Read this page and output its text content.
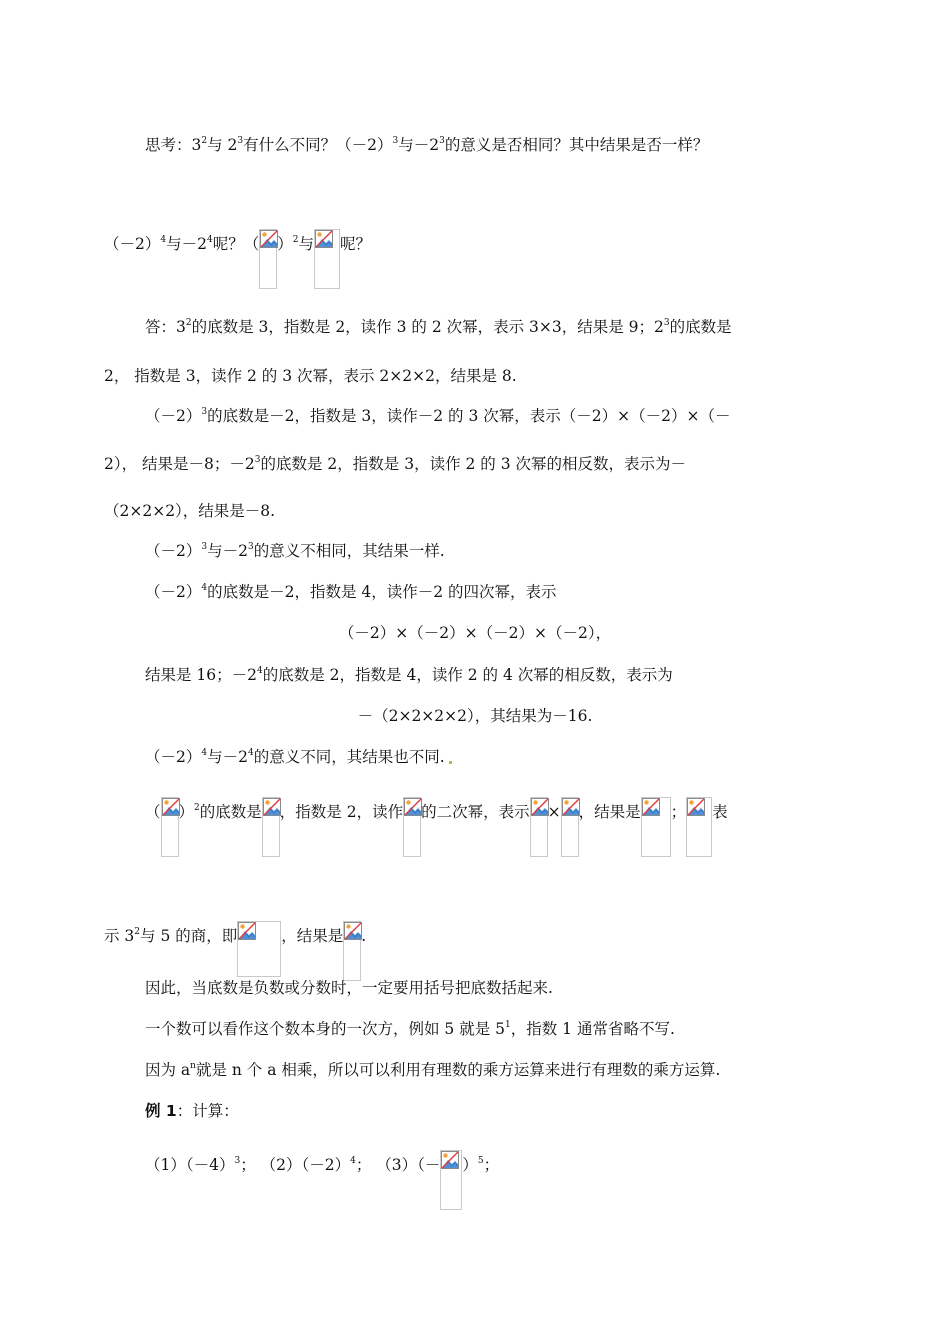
思考：$3^2$与 $2^3$有什么不同？$(-2)^3$与$-2^3$的意义是否相同？其中结果是否一样？
$(-2)^4$与$-2^4$呢？（ ）$^2$与 呢？
答：$3^2$的底数是 3，指数是 2，读作 3 的 2 次幂，表示 3×3，结果是 9；$2^3$的底数是
2， 指数是 3，读作 2 的 3 次幂，表示 2×2×2，结果是 8.
$(-2)^3$的底数是－2，指数是 3，读作－2 的 3 次幂，表示（－2）×（－2）×（－
2）， 结果是－8；$-2^3$的底数是 2，指数是 3，读作 2 的 3 次幂的相反数，表示为－
（2×2×2），结果是－8.
$(-2)^3$与$-2^3$的意义不相同，其结果一样.
$(-2)^4$的底数是－2，指数是 4，读作－2 的四次幂，表示
（－2）×（－2）×（－2）×（－2），
结果是 16；$-2^4$的底数是 2，指数是 4，读作 2 的 4 次幂的相反数，表示为
－（2×2×2×2），其结果为－16.
$(-2)^4$与$-2^4$的意义不同，其结果也不同.
（ ）$^2$的底数是 ，指数是 2，读作 的二次幂，表示 × ，结果是 ； 表
示 $3^2$与 5 的商，即	，结果是 .
因此，当底数是负数或分数时，一定要用括号把底数括起来.
一个数可以看作这个数本身的一次方，例如 5 就是 $5^1$，指数 1 通常省略不写.
因为 $a^n$就是 n 个 a 相乘，所以可以利用有理数的乘方运算来进行有理数的乘方运算.
例 1：计算：
$(1)(-4)^3$； $(2)(-2)^4$； $(3)(- )^5$；
